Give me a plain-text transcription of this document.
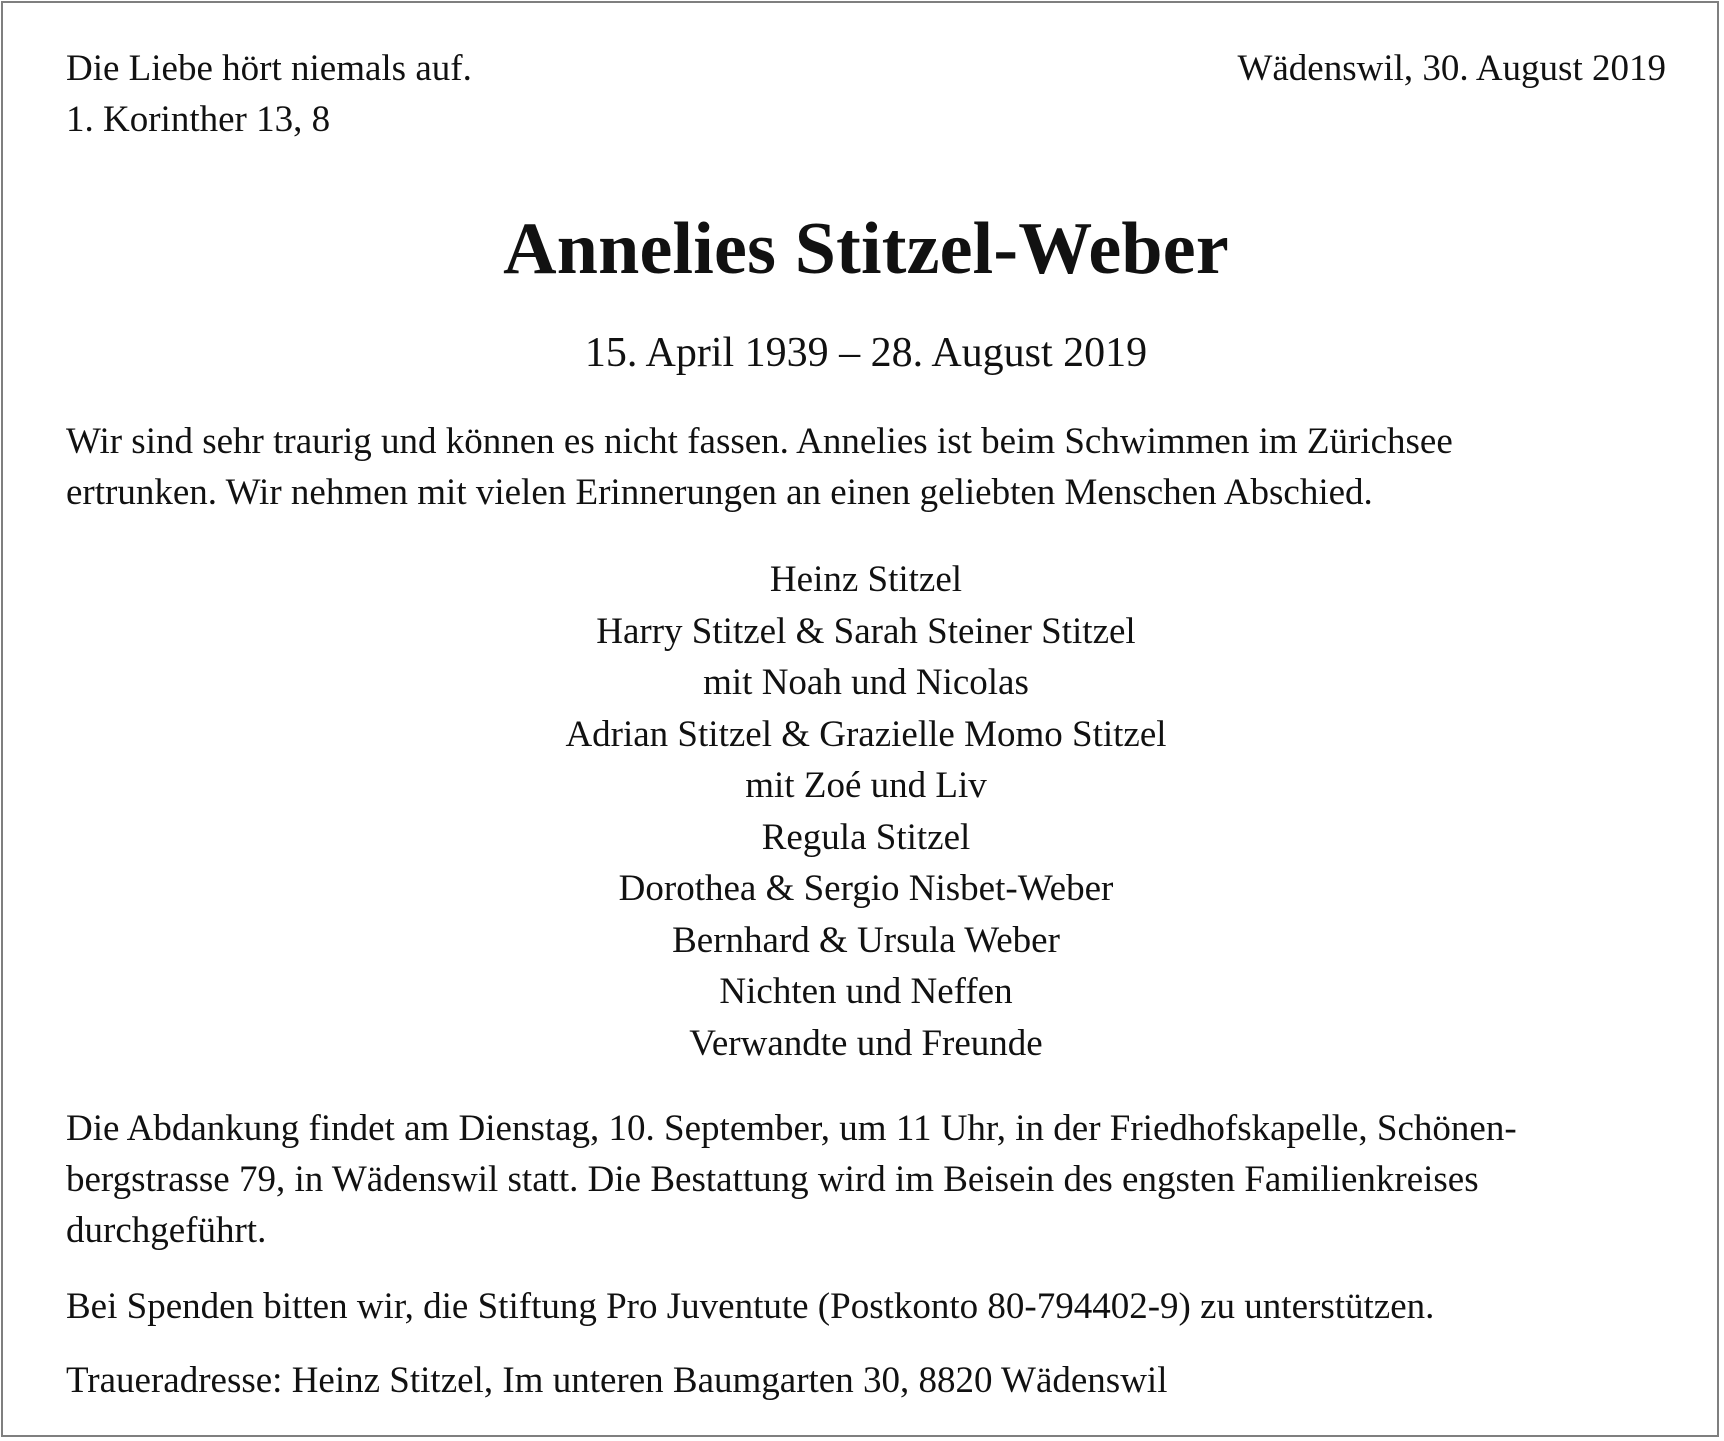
Die Liebe hört niemals auf.
1. Korinther 13, 8
Wädenswil, 30. August 2019
Annelies Stitzel-Weber
15. April 1939 – 28. August 2019
Wir sind sehr traurig und können es nicht fassen. Annelies ist beim Schwimmen im Zürichsee
ertrunken. Wir nehmen mit vielen Erinnerungen an einen geliebten Menschen Abschied.
Heinz Stitzel
Harry Stitzel & Sarah Steiner Stitzel
mit Noah und Nicolas
Adrian Stitzel & Grazielle Momo Stitzel
mit Zoé und Liv
Regula Stitzel
Dorothea & Sergio Nisbet-Weber
Bernhard & Ursula Weber
Nichten und Neffen
Verwandte und Freunde
Die Abdankung findet am Dienstag, 10. September, um 11 Uhr, in der Friedhofskapelle, Schönen-
bergstrasse 79, in Wädenswil statt. Die Bestattung wird im Beisein des engsten Familienkreises
durchgeführt.
Bei Spenden bitten wir, die Stiftung Pro Juventute (Postkonto 80-794402-9) zu unterstützen.
Traueradresse: Heinz Stitzel, Im unteren Baumgarten 30, 8820 Wädenswil
